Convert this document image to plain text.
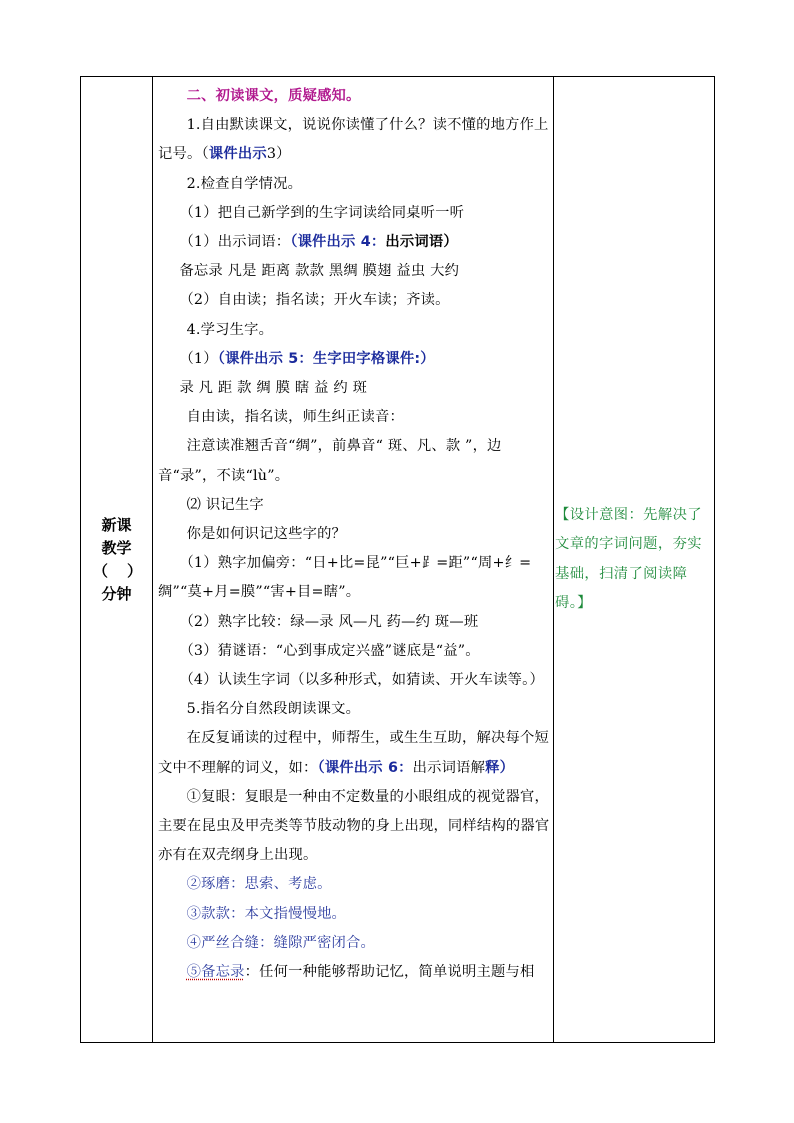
新课
教学
（ ）
分钟

二、初读课文，质疑感知。

1.自由默读课文，说说你读懂了什么？读不懂的地方作上记号。（课件出示3）

2.检查自学情况。

（1）把自己新学到的生字词读给同桌听一听

（1）出示词语：（课件出示 4：出示词语）

备忘录 凡是 距离 款款 黑绸 膜翅 益虫 大约

（2）自由读；指名读；开火车读；齐读。

4.学习生字。

（1）（课件出示 5：生字田字格课件:）

录 凡 距 款 绸 膜 瞎 益 约 斑

自由读，指名读，师生纠正读音：

注意读准翘舌音“绸”，前鼻音“ 斑、凡、款 ”，边音“录”，不读“lù”。

⑵ 识记生字

你是如何识记这些字的？

（1）熟字加偏旁：“日+比=昆”“巨+⻊=距”“周+纟=绸”“莫+月=膜”“害+目=瞎”。

（2）熟字比较：绿—录 风—凡 药—约 斑—班

（3）猜谜语：“心到事成定兴盛”谜底是“益”。

（4）认读生字词（以多种形式，如猜读、开火车读等。）

5.指名分自然段朗读课文。

在反复诵读的过程中，师帮生，或生生互助，解决每个短文中不理解的词义，如：（课件出示 6：出示词语解释）

①复眼：复眼是一种由不定数量的小眼组成的视觉器官，主要在昆虫及甲壳类等节肢动物的身上出现，同样结构的器官亦有在双壳纲身上出现。

②琢磨：思索、考虑。

③款款：本文指慢慢地。

④严丝合缝：缝隙严密闭合。

⑤备忘录：任何一种能够帮助记忆，简单说明主题与相

【设计意图：先解决了文章的字词问题，夯实基础，扫清了阅读障碍。】
